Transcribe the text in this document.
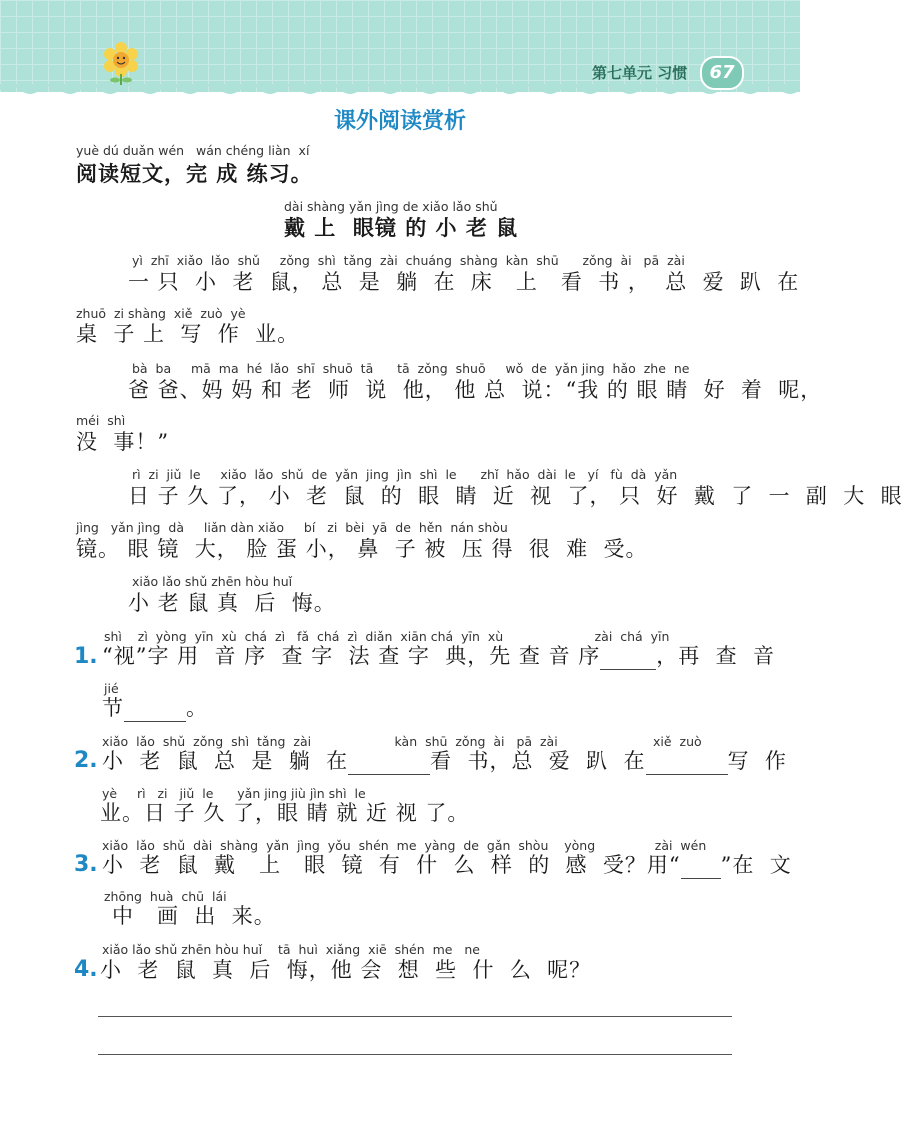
第七单元 习惯	67
课外阅读赏析
yuè dú duǎn wén   wán chéng liàn  xí
阅读短文，完 成 练习。
dài shàng yǎn jìng de xiǎo lǎo shǔ
戴 上  眼镜 的 小 老 鼠
yì  zhī  xiǎo  lǎo  shǔ     zǒng  shì  tǎng  zài  chuáng  shàng  kàn  shū      zǒng  ài   pā  zài
一 只  小  老  鼠， 总  是  躺  在  床   上   看  书 ，  总  爱  趴  在
zhuō  zi shàng  xiě  zuò  yè
桌  子 上  写  作  业。
bà  ba     mā  ma  hé  lǎo  shī  shuō  tā      tā  zǒng  shuō     wǒ  de  yǎn jing  hǎo  zhe  ne
爸 爸、妈 妈 和 老  师  说  他， 他 总  说：“我 的 眼 睛  好  着  呢，
méi  shì
没  事！”
rì  zi  jiǔ  le     xiǎo  lǎo  shǔ  de  yǎn  jing  jìn  shì  le      zhǐ  hǎo  dài  le   yí   fù  dà  yǎn
日 子 久 了， 小  老  鼠  的  眼  睛  近  视  了， 只  好  戴  了  一  副  大  眼
jìng   yǎn jìng  dà     liǎn dàn xiǎo     bí   zi  bèi  yā  de  hěn  nán shòu
镜。 眼 镜  大， 脸 蛋 小， 鼻  子 被  压 得  很  难  受。
xiǎo lǎo shǔ zhēn hòu huǐ
小 老 鼠 真  后  悔。
1.
shì    zì  yòng  yīn  xù  chá  zì   fǎ  chá  zì  diǎn  xiān chá  yīn  xù                       zài  chá  yīn
“视”字 用  音 序  查 字  法 查 字  典，先 查 音 序	，再  查  音
jié
节	。
2.
xiǎo  lǎo  shǔ  zǒng  shì  tǎng  zài                     kàn  shū  zǒng  ài   pā  zài                        xiě  zuò
小  老  鼠  总  是  躺  在	看  书，总  爱  趴  在	写  作
yè     rì   zi   jiǔ  le      yǎn jing jiù jìn shì  le
业。日 子 久 了，眼 睛 就 近 视 了。
3.
xiǎo  lǎo  shǔ  dài  shàng  yǎn  jìng  yǒu  shén  me  yàng  de  gǎn  shòu    yòng               zài  wén
小  老  鼠  戴   上   眼  镜  有  什  么  样  的  感  受？用“ ”在  文
zhōng  huà  chū  lái
中   画  出  来。
4.
xiǎo lǎo shǔ zhēn hòu huǐ    tā  huì  xiǎng  xiē  shén  me   ne
小  老  鼠  真  后  悔，他 会  想  些  什  么  呢？
